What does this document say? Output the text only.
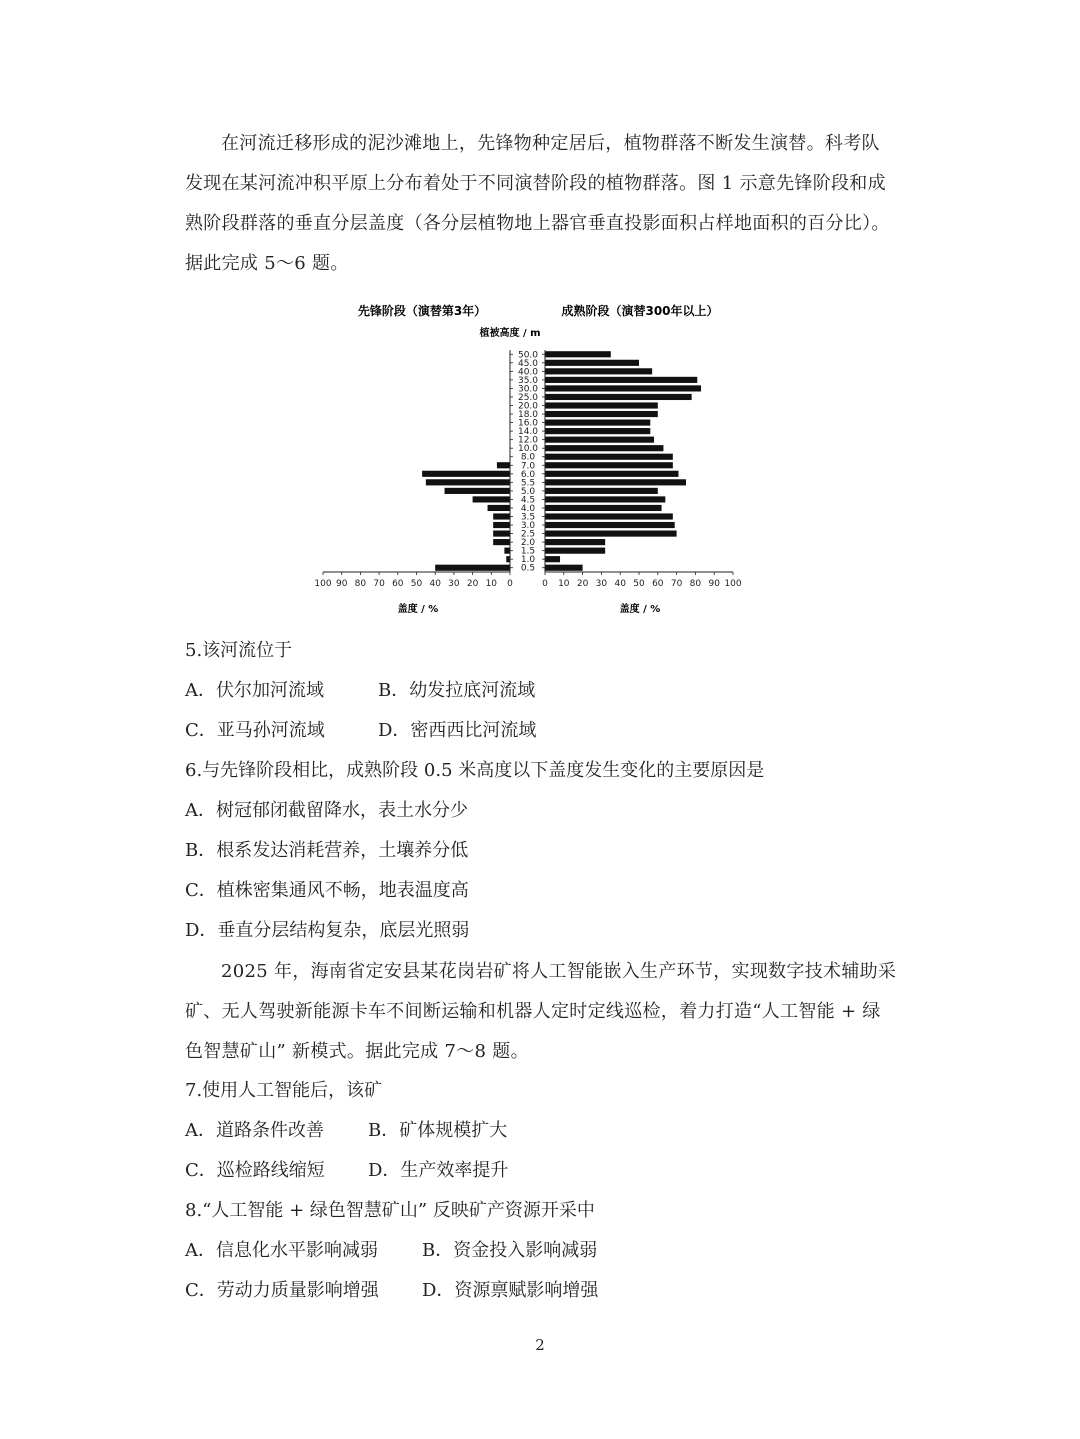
在河流迁移形成的泥沙滩地上，先锋物种定居后，植物群落不断发生演替。科考队发现在某河流冲积平原上分布着处于不同演替阶段的植物群落。图 1 示意先锋阶段和成熟阶段群落的垂直分层盖度（各分层植物地上器官垂直投影面积占样地面积的百分比）。据此完成 5～6 题。
先锋阶段（演替第3年）	成熟阶段（演替300年以上）
植被高度 / m
0.5
1.0
1.5
2.0
2.5
3.0
3.5
4.0
4.5
5.0
5.5
6.0
7.0
8.0
10.0
12.0
14.0
16.0
18.0
20.0
25.0
30.0
35.0
40.0
45.0
50.0
100 90 80 70 60 50 40 30 20 10 0	0 10 20 30 40 50 60 70 80 90 100
盖度 / %	盖度 / %
5.该河流位于
A．伏尔加河流域	B．幼发拉底河流域
C．亚马孙河流域	D．密西西比河流域
6.与先锋阶段相比，成熟阶段 0.5 米高度以下盖度发生变化的主要原因是
A．树冠郁闭截留降水，表土水分少
B．根系发达消耗营养，土壤养分低
C．植株密集通风不畅，地表温度高
D．垂直分层结构复杂，底层光照弱
2025 年，海南省定安县某花岗岩矿将人工智能嵌入生产环节，实现数字技术辅助采矿、无人驾驶新能源卡车不间断运输和机器人定时定线巡检，着力打造“人工智能 + 绿色智慧矿山” 新模式。据此完成 7～8 题。
7.使用人工智能后，该矿
A．道路条件改善 B．矿体规模扩大
C．巡检路线缩短 D．生产效率提升
8.“人工智能 + 绿色智慧矿山” 反映矿产资源开采中
A．信息化水平影响减弱 B．资金投入影响减弱
C．劳动力质量影响增强 D．资源禀赋影响增强
2
